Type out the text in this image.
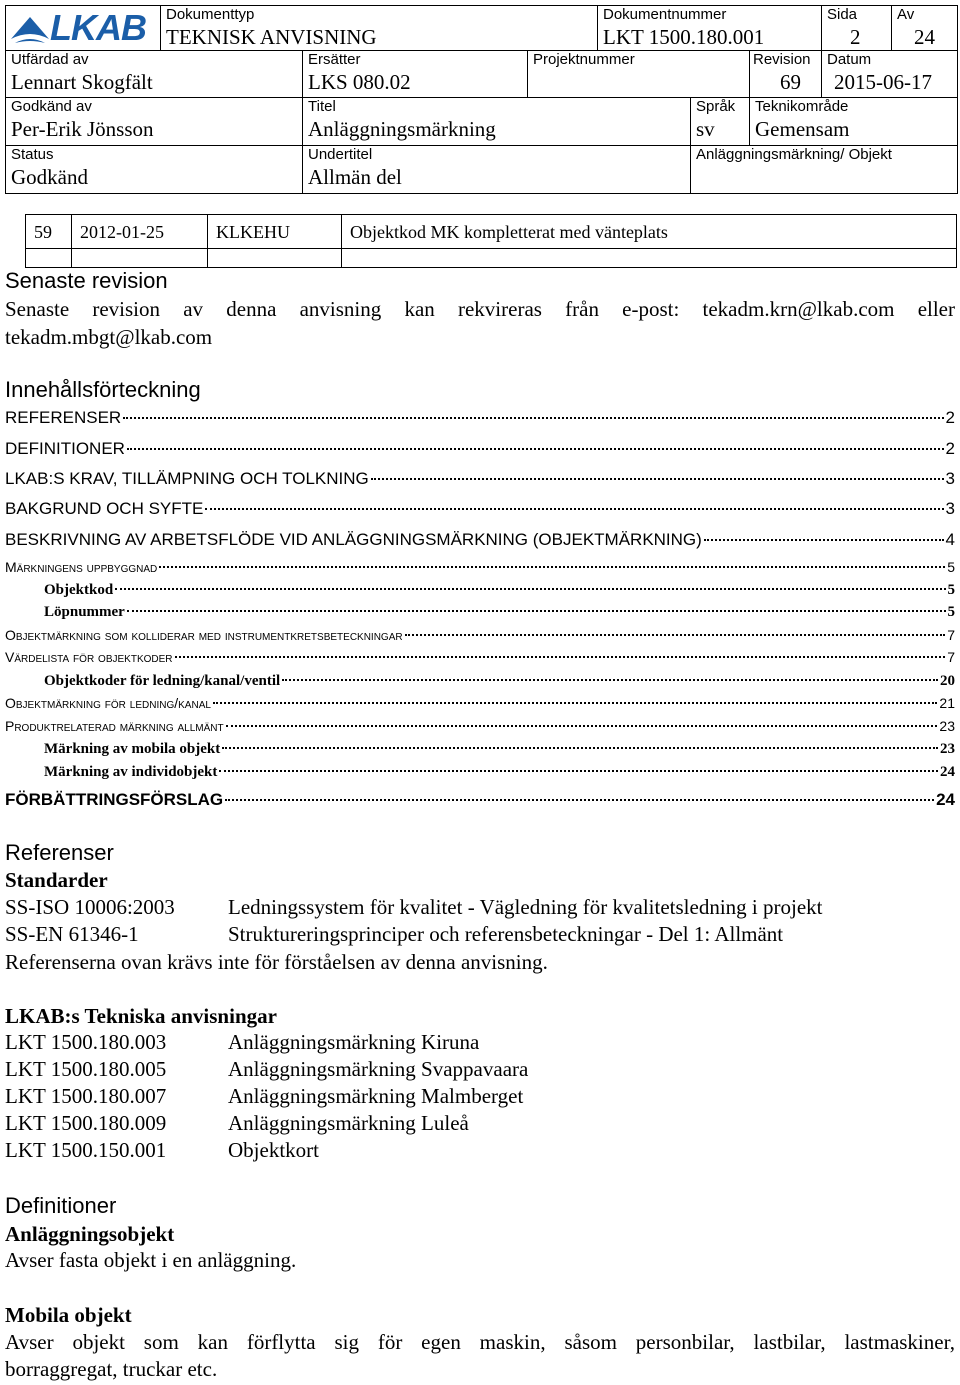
LKAB Dokumenttyp
TEKNISK ANVISNING
Dokumentnummer
LKT 1500.180.001
Sida
2
Av
24
Utfärdad av
Lennart Skogfält
Ersätter
LKS 080.02
Projektnummer	Revision
69
Datum
2015-06-17
Godkänd av
Per-Erik Jönsson
Titel
Anläggningsmärkning
Språk
sv
Teknikområde
Gemensam
Status
Godkänd
Undertitel
Allmän del
Anläggningsmärkning/ Objekt
59	2012-01-25	KLKEHU	Objektkod MK kompletterat med vänteplats
Senaste revision
Senaste revision av denna anvisning kan rekvireras från e-post: tekadm.krn@lkab.com eller
tekadm.mbgt@lkab.com
Innehållsförteckning
REFERENSER	2
DEFINITIONER	2
LKAB:S KRAV, TILLÄMPNING OCH TOLKNING	3
BAKGRUND OCH SYFTE	3
BESKRIVNING AV ARBETSFLÖDE VID ANLÄGGNINGSMÄRKNING (OBJEKTMÄRKNING)	4
Märkningens uppbyggnad	5
Objektkod	5
Löpnummer	5
Objektmärkning som kolliderar med instrumentkretsbeteckningar	7
Värdelista för objektkoder	7
Objektkoder för ledning/kanal/ventil	20
Objektmärkning för ledning/kanal	21
Produktrelaterad märkning allmänt	23
Märkning av mobila objekt	23
Märkning av individobjekt	24
FÖRBÄTTRINGSFÖRSLAG	24
Referenser
Standarder
SS-ISO 10006:2003	Ledningssystem för kvalitet - Vägledning för kvalitetsledning i projekt
SS-EN 61346-1	Struktureringsprinciper och referensbeteckningar - Del 1: Allmänt
Referenserna ovan krävs inte för förståelsen av denna anvisning.
LKAB:s Tekniska anvisningar
LKT 1500.180.003	Anläggningsmärkning Kiruna
LKT 1500.180.005	Anläggningsmärkning Svappavaara
LKT 1500.180.007	Anläggningsmärkning Malmberget
LKT 1500.180.009	Anläggningsmärkning Luleå
LKT 1500.150.001	Objektkort
Definitioner
Anläggningsobjekt
Avser fasta objekt i en anläggning.
Mobila objekt
Avser objekt som kan förflytta sig för egen maskin, såsom personbilar, lastbilar, lastmaskiner,
borraggregat, truckar etc.
